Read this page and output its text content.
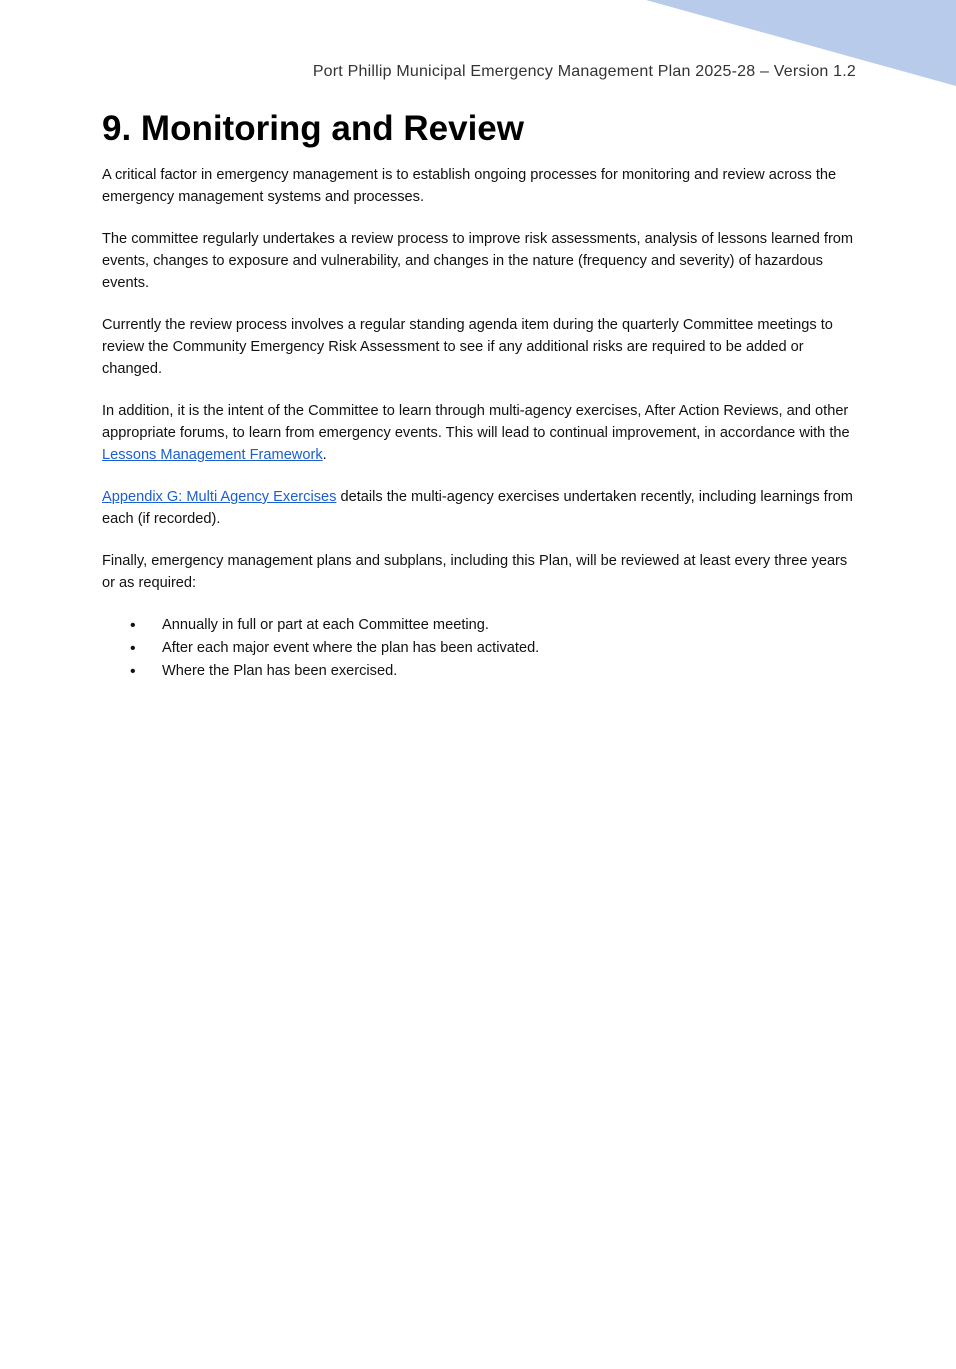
Port Phillip Municipal Emergency Management Plan 2025-28 – Version 1.2
9. Monitoring and Review

A critical factor in emergency management is to establish ongoing processes for monitoring and review across the emergency management systems and processes.

The committee regularly undertakes a review process to improve risk assessments, analysis of lessons learned from events, changes to exposure and vulnerability, and changes in the nature (frequency and severity) of hazardous events.

Currently the review process involves a regular standing agenda item during the quarterly Committee meetings to review the Community Emergency Risk Assessment to see if any additional risks are required to be added or changed.

In addition, it is the intent of the Committee to learn through multi-agency exercises, After Action Reviews, and other appropriate forums, to learn from emergency events. This will lead to continual improvement, in accordance with the Lessons Management Framework.

Appendix G: Multi Agency Exercises details the multi-agency exercises undertaken recently, including learnings from each (if recorded).

Finally, emergency management plans and subplans, including this Plan, will be reviewed at least every three years or as required:

• Annually in full or part at each Committee meeting.
• After each major event where the plan has been activated.
• Where the Plan has been exercised.
